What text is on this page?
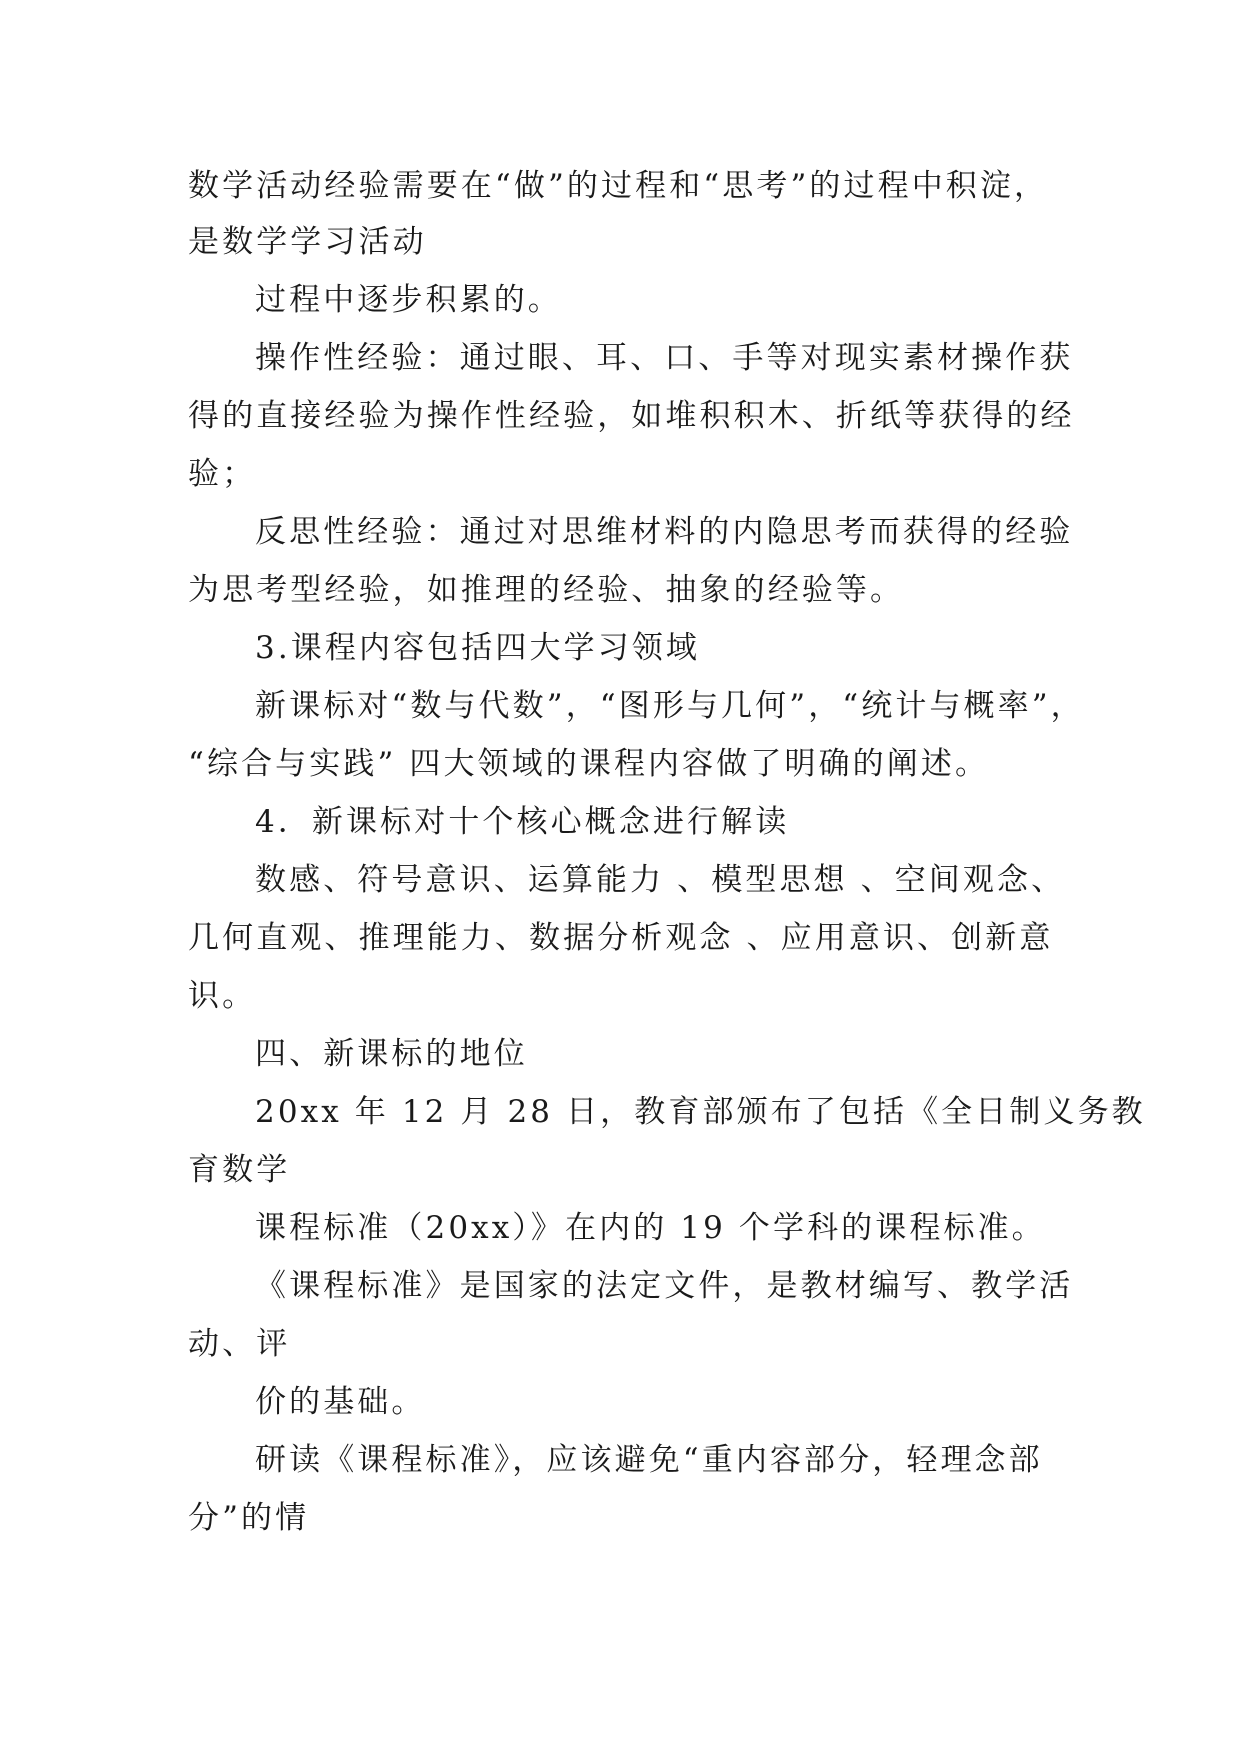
数学活动经验需要在“做”的过程和“思考”的过程中积淀，
是数学学习活动
过程中逐步积累的。
操作性经验：通过眼、耳、口、手等对现实素材操作获
得的直接经验为操作性经验，如堆积积木、折纸等获得的经
验；
反思性经验：通过对思维材料的内隐思考而获得的经验
为思考型经验，如推理的经验、抽象的经验等。
3.课程内容包括四大学习领域
新课标对“数与代数”，“图形与几何”，“统计与概率”，
“综合与实践” 四大领域的课程内容做了明确的阐述。
4．新课标对十个核心概念进行解读
数感、符号意识、运算能力 、模型思想 、空间观念、
几何直观、推理能力、数据分析观念 、应用意识、创新意
识。
四、新课标的地位
20xx 年 12 月 28 日，教育部颁布了包括《全日制义务教
育数学
课程标准（20xx）》在内的 19 个学科的课程标准。
《课程标准》是国家的法定文件，是教材编写、教学活
动、评
价的基础。
研读《课程标准》，应该避免“重内容部分，轻理念部
分”的情
